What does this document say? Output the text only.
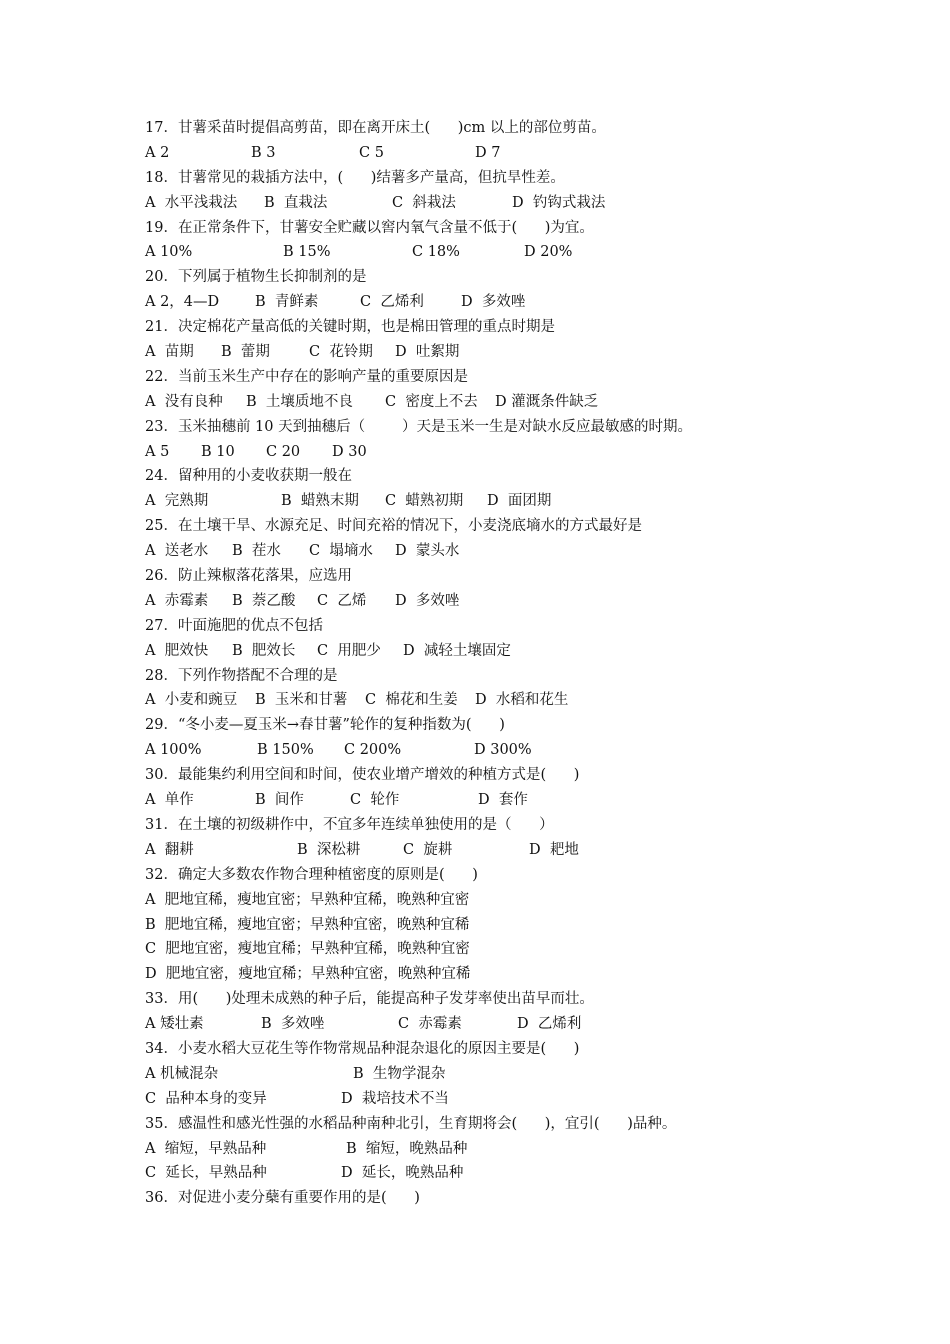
17．甘薯采苗时提倡高剪苗，即在离开床土(      )cm 以上的部位剪苗。

A 2

	B 3

	C 5

	D 7

18．甘薯常见的栽插方法中，(      )结薯多产量高，但抗旱性差。

A  水平浅栽法

B  直栽法

	C  斜栽法

	D  钓钩式栽法

19．在正常条件下，甘薯安全贮藏以窖内氧气含量不低于(      )为宜。

A 10%

	B 15%

	C 18%

	D 20%

20．下列属于植物生长抑制剂的是

A 2，4—D

B  青鲜素

	C  乙烯利

	D  多效唑

21．决定棉花产量高低的关键时期，也是棉田管理的重点时期是

A  苗期

B  蕾期

	C  花铃期

D  吐絮期

22．当前玉米生产中存在的影响产量的重要原因是

A  没有良种

B  土壤质地不良

C  密度上不去

D 灌溉条件缺乏

23．玉米抽穗前 10 天到抽穗后（        ）天是玉米一生是对缺水反应最敏感的时期。

A 5

B 10

C 20

D 30

24．留种用的小麦收获期一般在

A  完熟期

	B  蜡熟末期

C  蜡熟初期

D  面团期

25．在土壤干旱、水源充足、时间充裕的情况下，小麦浇底墒水的方式最好是

A  送老水

B  茬水

C  塌墒水

D  蒙头水

26．防止辣椒落花落果，应选用

A  赤霉素

B  萘乙酸

C  乙烯

D  多效唑

27．叶面施肥的优点不包括

A  肥效快

B  肥效长

C  用肥少

D  减轻土壤固定

28．下列作物搭配不合理的是

A  小麦和豌豆

B  玉米和甘薯

C  棉花和生姜

D  水稻和花生

29．“冬小麦—夏玉米→春甘薯”轮作的复种指数为(      )

A 100%

	B 150%

C 200%

	D 300%

30．最能集约利用空间和时间，使农业增产增效的种植方式是(      )

A  单作

	B  间作

	C  轮作

	D  套作

31．在土壤的初级耕作中，不宜多年连续单独使用的是（      ）

A  翻耕

	B  深松耕

	C  旋耕

	D  耙地

32．确定大多数农作物合理种植密度的原则是(      )
A  肥地宜稀，瘦地宜密；早熟种宜稀，晚熟种宜密
B  肥地宜稀，瘦地宜密；早熟种宜密，晚熟种宜稀
C  肥地宜密，瘦地宜稀；早熟种宜稀，晚熟种宜密
D  肥地宜密，瘦地宜稀；早熟种宜密，晚熟种宜稀
33．用(      )处理未成熟的种子后，能提高种子发芽率使出苗早而壮。

A 矮壮素

	B  多效唑

	C  赤霉素

	D  乙烯利

34．小麦水稻大豆花生等作物常规品种混杂退化的原因主要是(      )

A 机械混杂

	B  生物学混杂

C  品种本身的变异

	D  栽培技术不当

35．感温性和感光性强的水稻品种南种北引，生育期将会(      )，宜引(      )品种。

A  缩短，早熟品种

	B  缩短，晚熟品种

C  延长，早熟品种

	D  延长，晚熟品种

36．对促进小麦分蘖有重要作用的是(      )
